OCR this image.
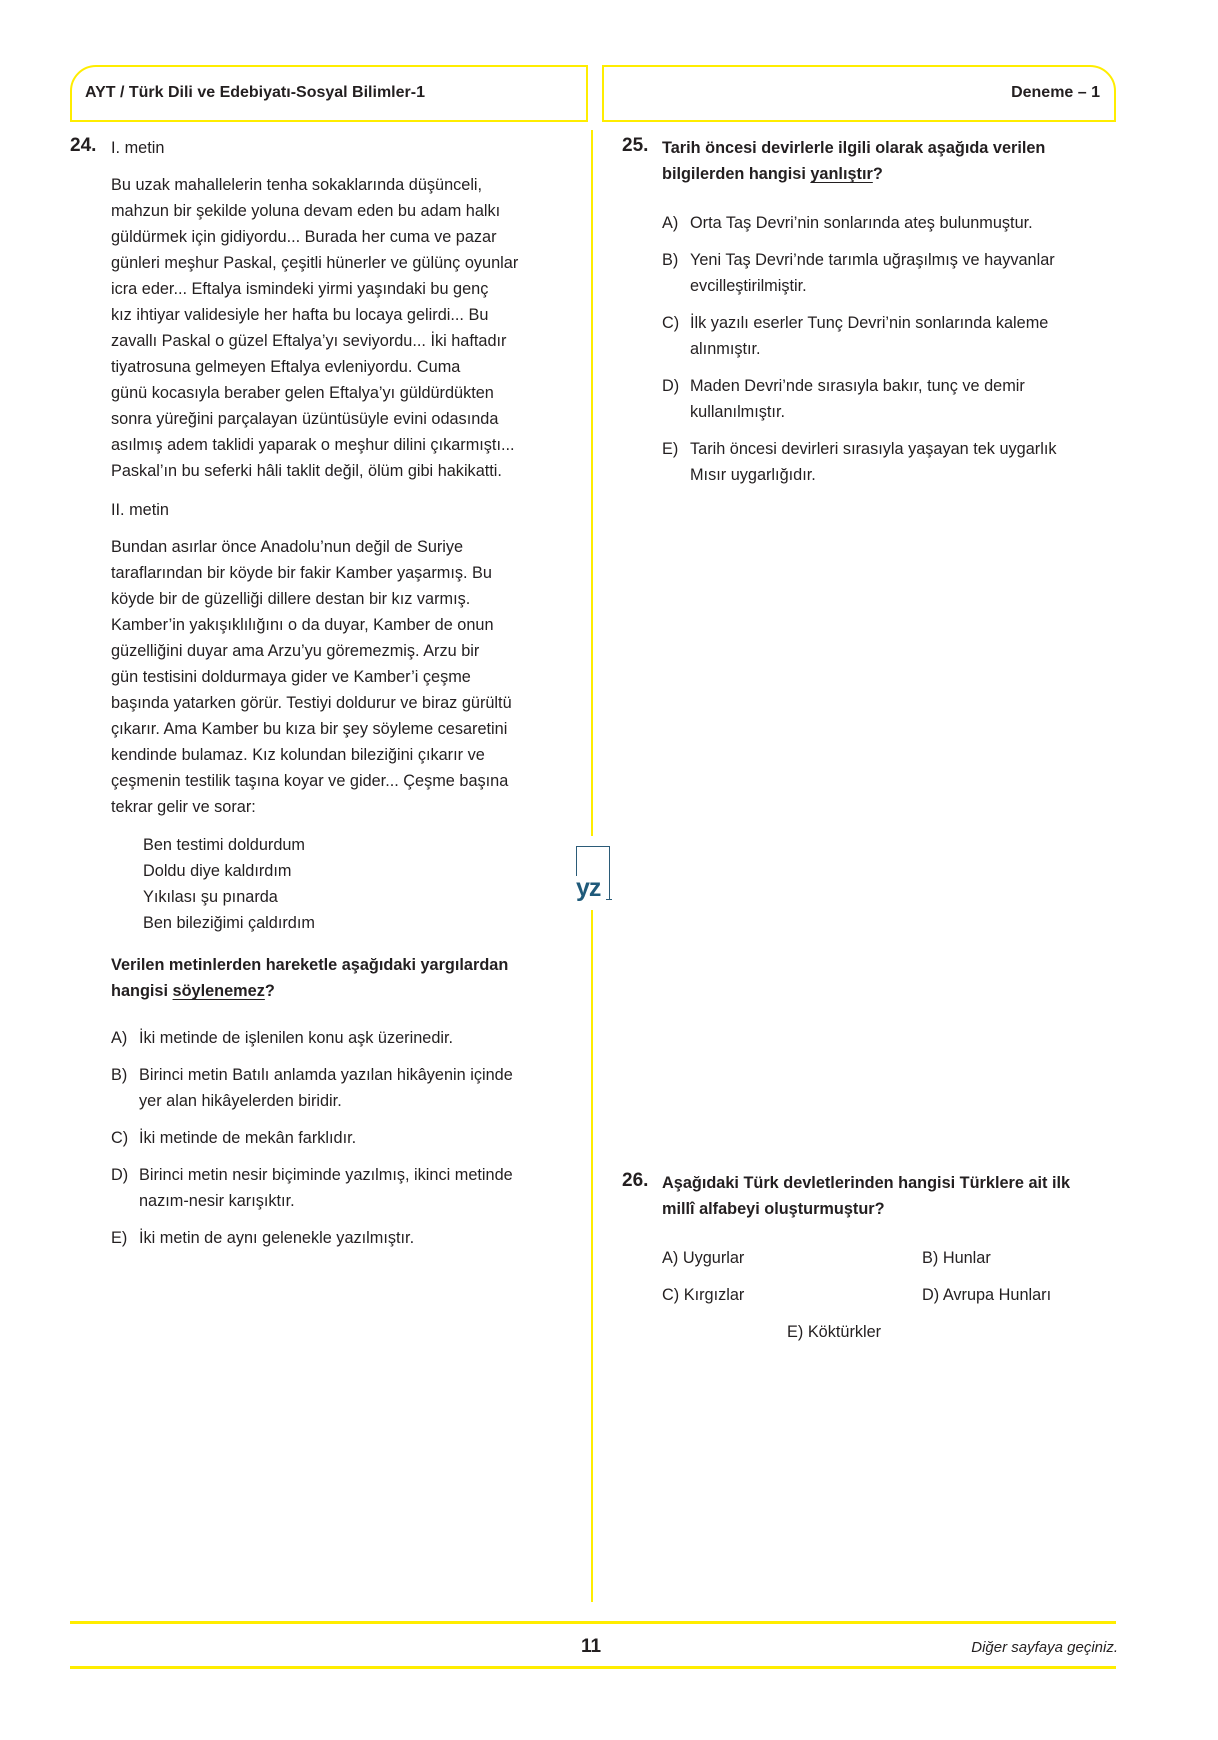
AYT / Türk Dili ve Edebiyatı-Sosyal Bilimler-1	Deneme – 1
yz
24. I. metin

Bu uzak mahallelerin tenha sokaklarında düşünceli,

mahzun bir şekilde yoluna devam eden bu adam halkı

güldürmek için gidiyordu... Burada her cuma ve pazar

günleri meşhur Paskal, çeşitli hünerler ve gülünç oyunlar

icra eder... Eftalya ismindeki yirmi yaşındaki bu genç

kız ihtiyar validesiyle her hafta bu locaya gelirdi... Bu

zavallı Paskal o güzel Eftalya’yı seviyordu... İki haftadır

tiyatrosuna gelmeyen Eftalya evleniyordu. Cuma

günü kocasıyla beraber gelen Eftalya’yı güldürdükten

sonra yüreğini parçalayan üzüntüsüyle evini odasında

asılmış adem taklidi yaparak o meşhur dilini çıkarmıştı...

Paskal’ın bu seferki hâli taklit değil, ölüm gibi hakikatti.

II. metin

Bundan asırlar önce Anadolu’nun değil de Suriye

taraflarından bir köyde bir fakir Kamber yaşarmış. Bu

köyde bir de güzelliği dillere destan bir kız varmış.

Kamber’in yakışıklılığını o da duyar, Kamber de onun

güzelliğini duyar ama Arzu’yu göremezmiş. Arzu bir

gün testisini doldurmaya gider ve Kamber’i çeşme

başında yatarken görür. Testiyi doldurur ve biraz gürültü

çıkarır. Ama Kamber bu kıza bir şey söyleme cesaretini

kendinde bulamaz. Kız kolundan bileziğini çıkarır ve

çeşmenin testilik taşına koyar ve gider... Çeşme başına

tekrar gelir ve sorar:

Ben testimi doldurdum

Doldu diye kaldırdım

Yıkılası şu pınarda

Ben bileziğimi çaldırdım

Verilen metinlerden hareketle aşağıdaki yargılardan

hangisi söylenemez?

A) İki metinde de işlenilen konu aşk üzerinedir.
B) Birinci metin Batılı anlamda yazılan hikâyenin içinde
yer alan hikâyelerden biridir.
C) İki metinde de mekân farklıdır.
D) Birinci metin nesir biçiminde yazılmış, ikinci metinde
nazım-nesir karışıktır.
E) İki metin de aynı gelenekle yazılmıştır.
25. Tarih öncesi devirlerle ilgili olarak aşağıda verilen

bilgilerden hangisi yanlıştır?

A) Orta Taş Devri’nin sonlarında ateş bulunmuştur.
B) Yeni Taş Devri’nde tarımla uğraşılmış ve hayvanlar
evcilleştirilmiştir.
C) İlk yazılı eserler Tunç Devri’nin sonlarında kaleme
alınmıştır.
D) Maden Devri’nde sırasıyla bakır, tunç ve demir
kullanılmıştır.
E) Tarih öncesi devirleri sırasıyla yaşayan tek uygarlık
Mısır uygarlığıdır.
26. Aşağıdaki Türk devletlerinden hangisi Türklere ait ilk

millî alfabeyi oluşturmuştur?

A) Uygurlar	B) Hunlar
C) Kırgızlar	D) Avrupa Hunları
E) Köktürkler
11	Diğer sayfaya geçiniz.
